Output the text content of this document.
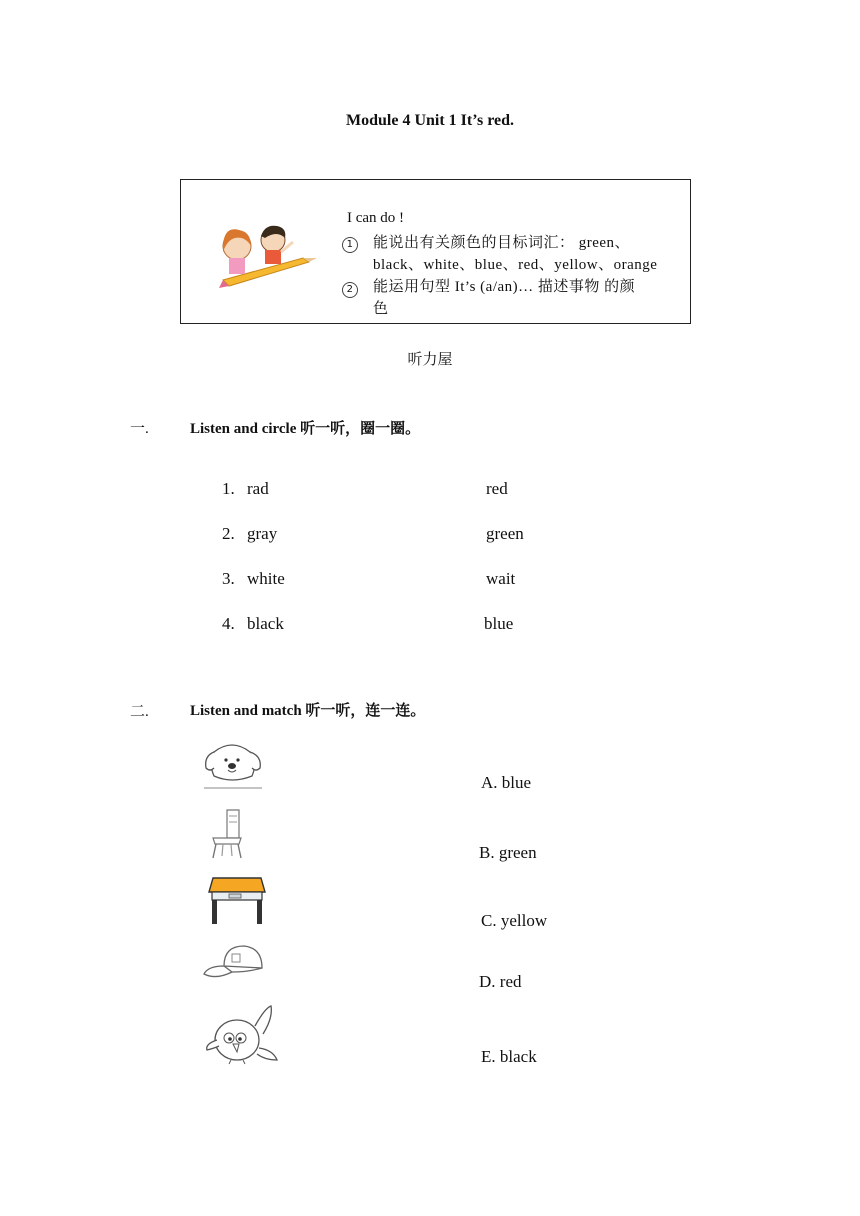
Module 4 Unit 1 It’s red.
I can do !
1	能说出有关颜色的目标词汇： green、
black、white、blue、red、yellow、orange
2	能运用句型 It’s (a/an)… 描述事物 的颜
色
听力屋
一.	Listen and circle 听一听，圈一圈。
1. rad	red
2. gray	green
3. white	wait
4. black	blue
二.	Listen and match 听一听，连一连。
A. blue
B. green
C. yellow
D. red
E. black
